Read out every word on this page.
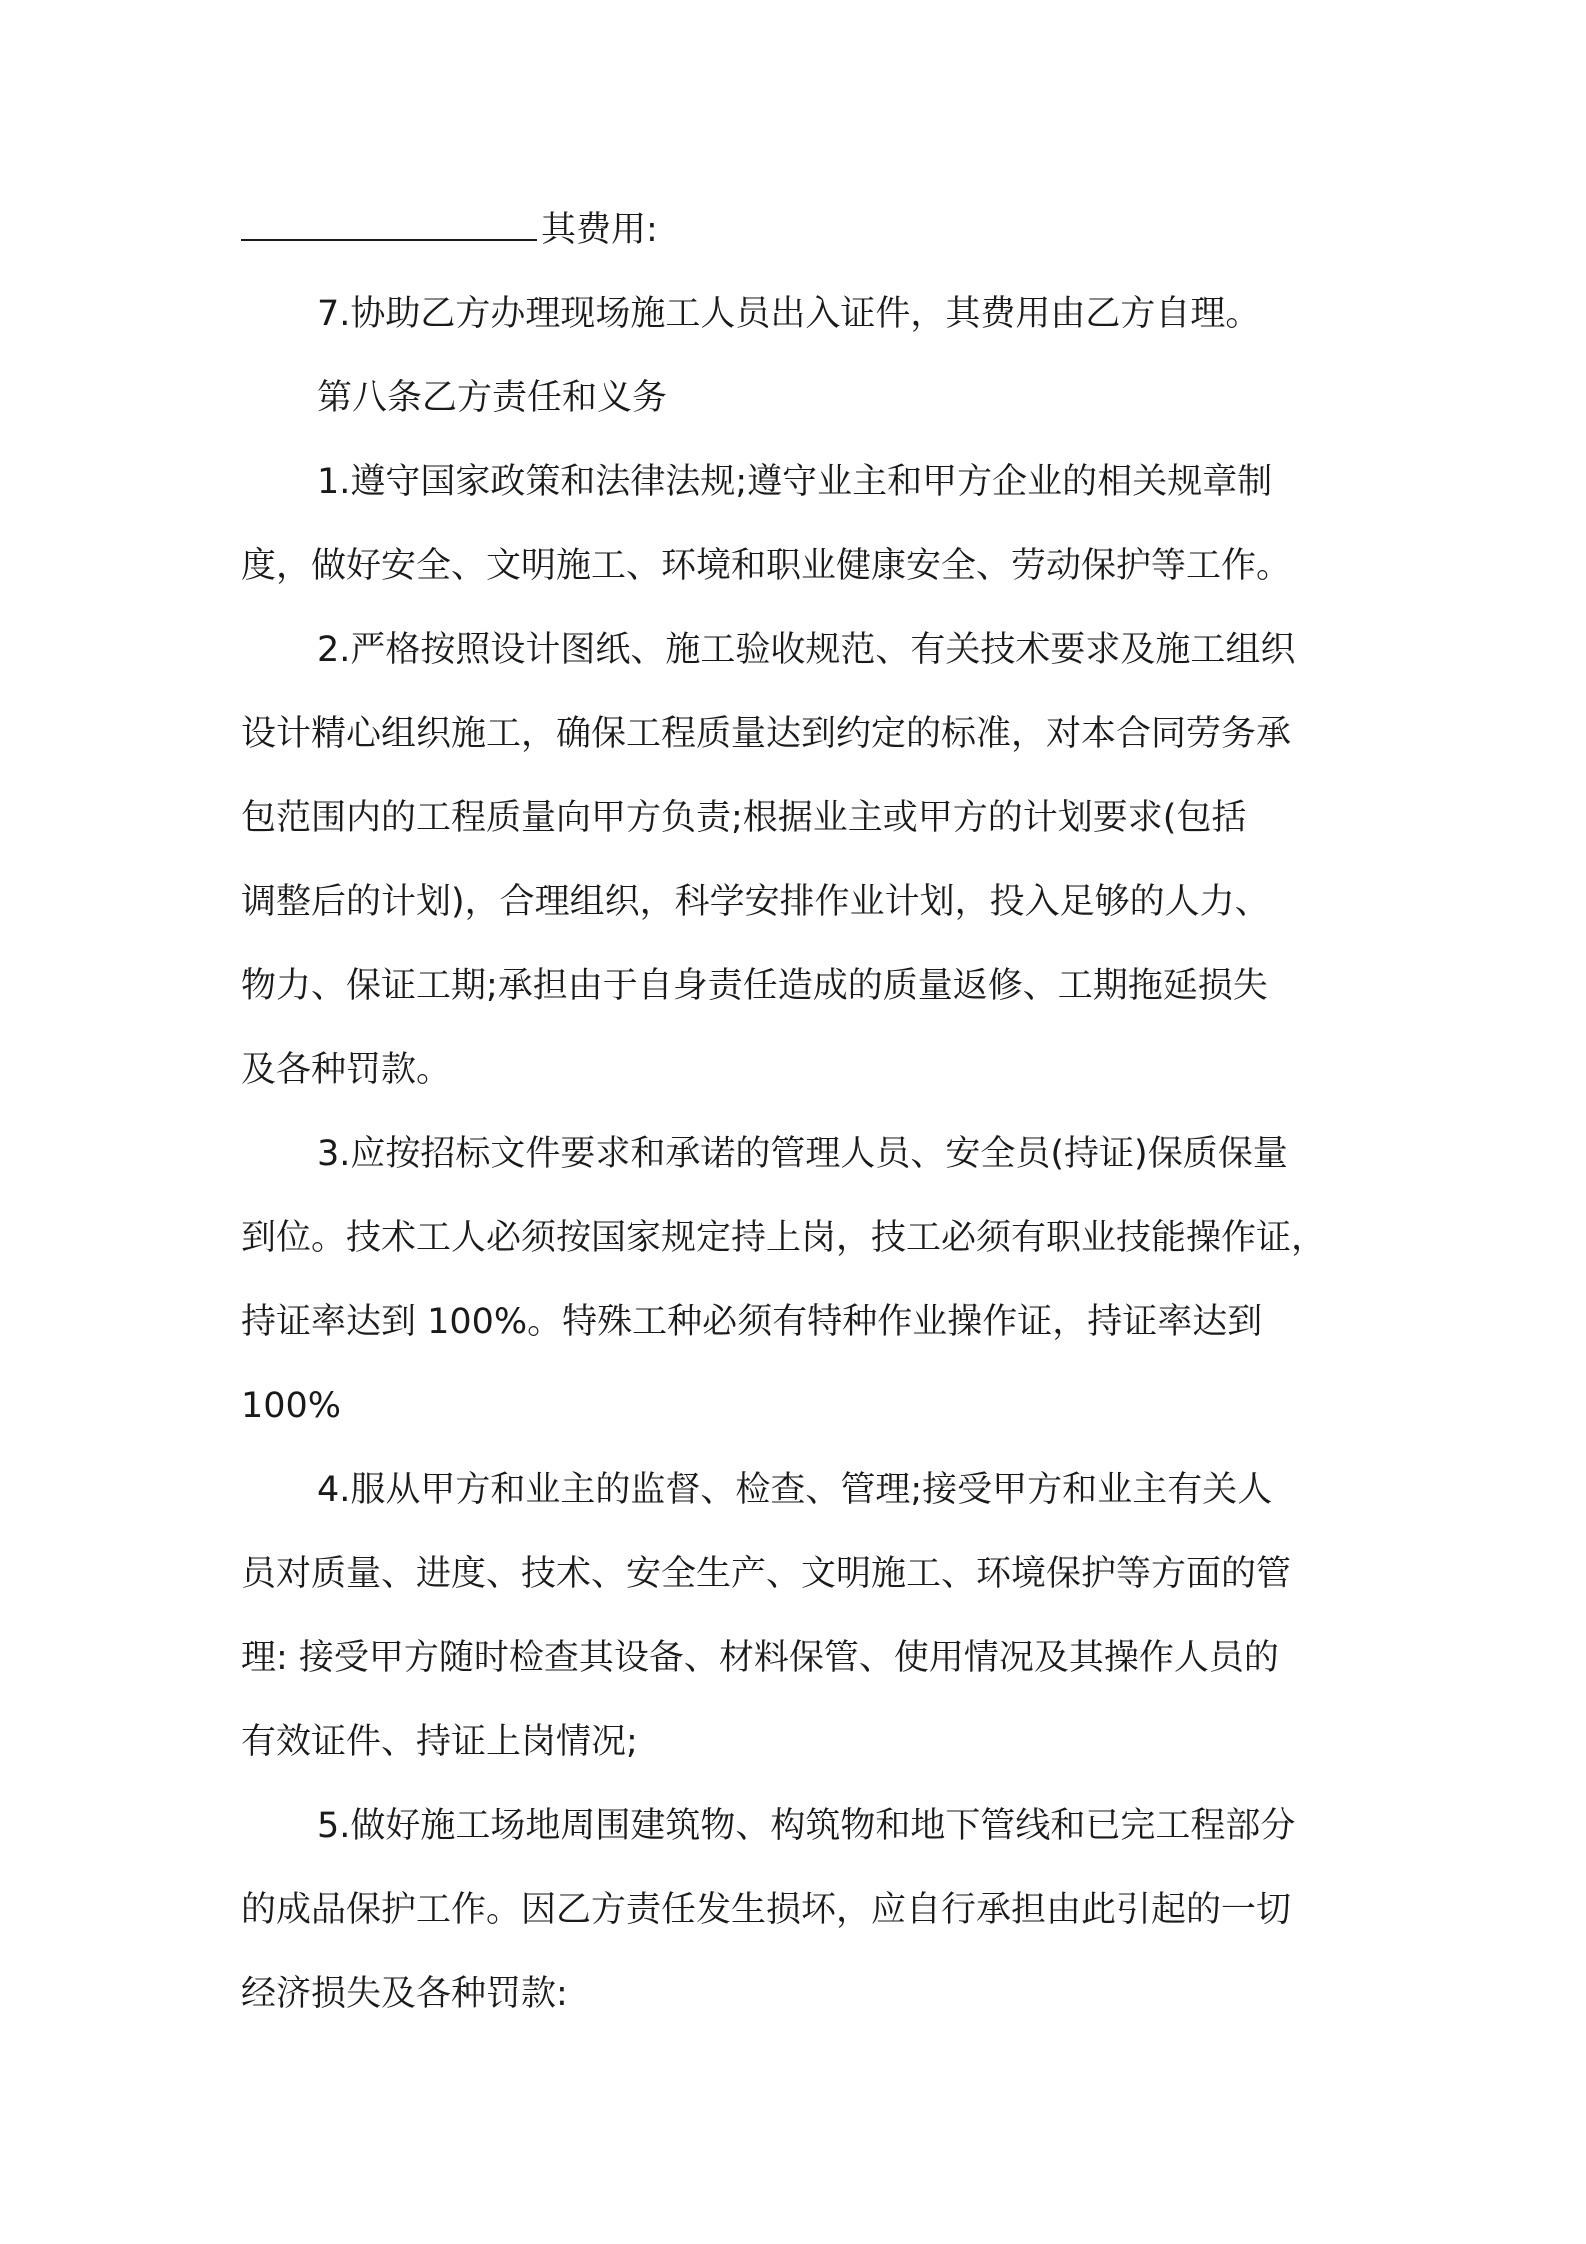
其费用:
7.协助乙方办理现场施工人员出入证件，其费用由乙方自理。
第八条乙方责任和义务
1.遵守国家政策和法律法规;遵守业主和甲方企业的相关规章制
度，做好安全、文明施工、环境和职业健康安全、劳动保护等工作。
2.严格按照设计图纸、施工验收规范、有关技术要求及施工组织
设计精心组织施工，确保工程质量达到约定的标准，对本合同劳务承
包范围内的工程质量向甲方负责;根据业主或甲方的计划要求(包括
调整后的计划)，合理组织，科学安排作业计划，投入足够的人力、
物力、保证工期;承担由于自身责任造成的质量返修、工期拖延损失
及各种罚款。
3.应按招标文件要求和承诺的管理人员、安全员(持证)保质保量
到位。技术工人必须按国家规定持上岗，技工必须有职业技能操作证，
持证率达到 100%。特殊工种必须有特种作业操作证，持证率达到
100%
4.服从甲方和业主的监督、检查、管理;接受甲方和业主有关人
员对质量、进度、技术、安全生产、文明施工、环境保护等方面的管
理: 接受甲方随时检查其设备、材料保管、使用情况及其操作人员的
有效证件、持证上岗情况;
5.做好施工场地周围建筑物、构筑物和地下管线和已完工程部分
的成品保护工作。因乙方责任发生损坏，应自行承担由此引起的一切
经济损失及各种罚款:
